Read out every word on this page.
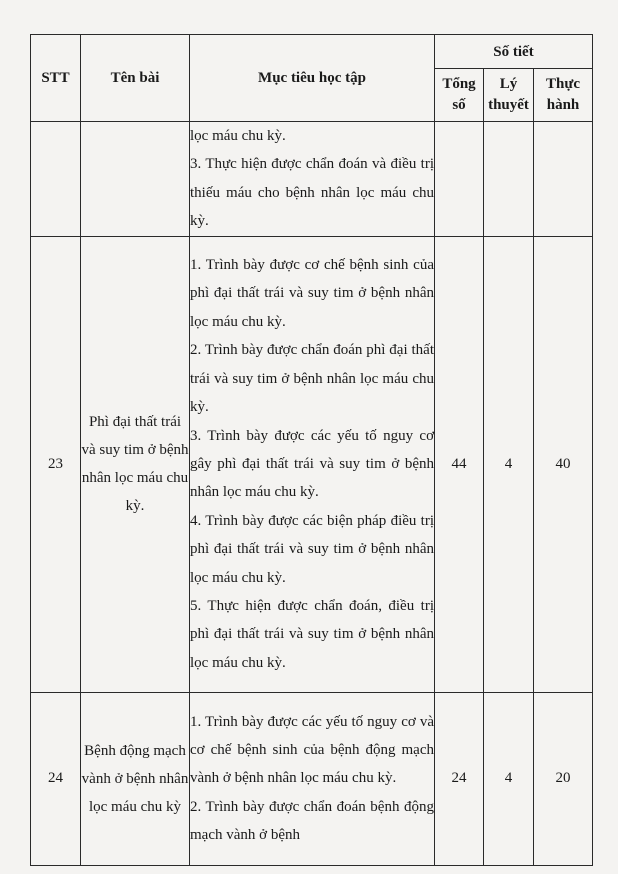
STT	Tên bài	Mục tiêu học tập	Số tiết		
			Tổng số	Lý thuyết	Thực hành

		lọc máu chu kỳ.
3. Thực hiện được chẩn đoán và điều trị thiếu máu cho bệnh nhân lọc máu chu kỳ.			

23	Phì đại thất trái và suy tim ở bệnh nhân lọc máu chu kỳ.	1. Trình bày được cơ chế bệnh sinh của phì đại thất trái và suy tim ở bệnh nhân lọc máu chu kỳ.
2. Trình bày được chẩn đoán phì đại thất trái và suy tim ở bệnh nhân lọc máu chu kỳ.
3. Trình bày được các yếu tố nguy cơ gây phì đại thất trái và suy tim ở bệnh nhân lọc máu chu kỳ.
4. Trình bày được các biện pháp điều trị phì đại thất trái và suy tim ở bệnh nhân lọc máu chu kỳ.
5. Thực hiện được chẩn đoán, điều trị phì đại thất trái và suy tim ở bệnh nhân lọc máu chu kỳ.	44	4	40
24	Bệnh động mạch vành ở bệnh nhân lọc máu chu kỳ	1. Trình bày được các yếu tố nguy cơ và cơ chế bệnh sinh của bệnh động mạch vành ở bệnh nhân lọc máu chu kỳ.
2. Trình bày được chẩn đoán bệnh động mạch vành ở bệnh	24	4	20
